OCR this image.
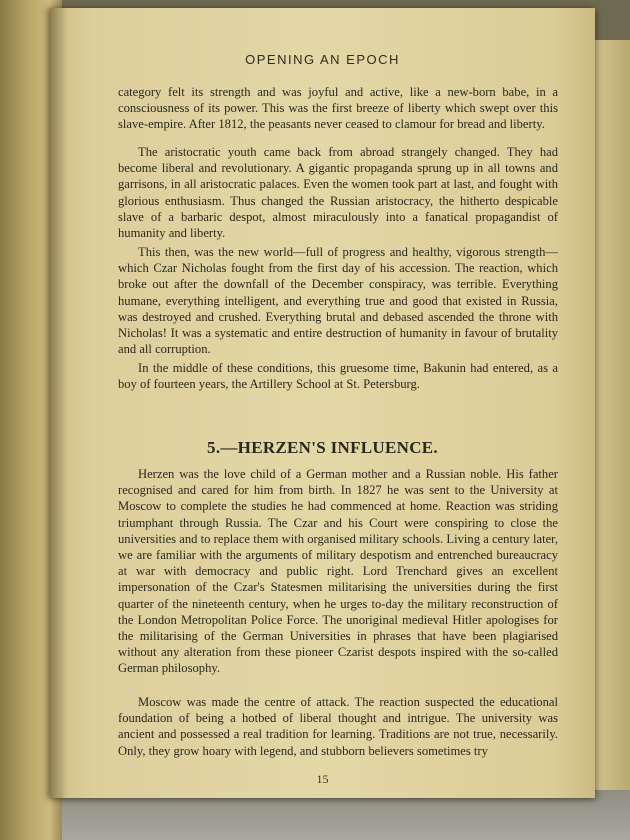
OPENING AN EPOCH

category felt its strength and was joyful and active, like a new-born babe, in a consciousness of its power. This was the first breeze of liberty which swept over this slave-empire. After 1812, the peasants never ceased to clamour for bread and liberty.

The aristocratic youth came back from abroad strangely changed. They had become liberal and revolutionary. A gigantic propaganda sprung up in all towns and garrisons, in all aristocratic palaces. Even the women took part at last, and fought with glorious enthusiasm. Thus changed the Russian aristocracy, the hitherto despicable slave of a barbaric despot, almost miraculously into a fanatical propagandist of humanity and liberty.

This then, was the new world—full of progress and healthy, vigorous strength—which Czar Nicholas fought from the first day of his accession. The reaction, which broke out after the downfall of the December conspiracy, was terrible. Everything humane, everything intelligent, and everything true and good that existed in Russia, was destroyed and crushed. Everything brutal and debased ascended the throne with Nicholas! It was a systematic and entire destruction of humanity in favour of brutality and all corruption.

In the middle of these conditions, this gruesome time, Bakunin had entered, as a boy of fourteen years, the Artillery School at St. Petersburg.

5.—HERZEN'S INFLUENCE.

Herzen was the love child of a German mother and a Russian noble. His father recognised and cared for him from birth. In 1827 he was sent to the University at Moscow to complete the studies he had commenced at home. Reaction was striding triumphant through Russia. The Czar and his Court were conspiring to close the universities and to replace them with organised military schools. Living a century later, we are familiar with the arguments of military despotism and entrenched bureaucracy at war with democracy and public right. Lord Trenchard gives an excellent impersonation of the Czar's Statesmen militarising the universities during the first quarter of the nineteenth century, when he urges to-day the military reconstruction of the London Metropolitan Police Force. The unoriginal medieval Hitler apologises for the militarising of the German Universities in phrases that have been plagiarised without any alteration from these pioneer Czarist despots inspired with the so-called German philosophy.

Moscow was made the centre of attack. The reaction suspected the educational foundation of being a hotbed of liberal thought and intrigue. The university was ancient and possessed a real tradition for learning. Traditions are not true, necessarily. Only, they grow hoary with legend, and stubborn believers sometimes try

15
